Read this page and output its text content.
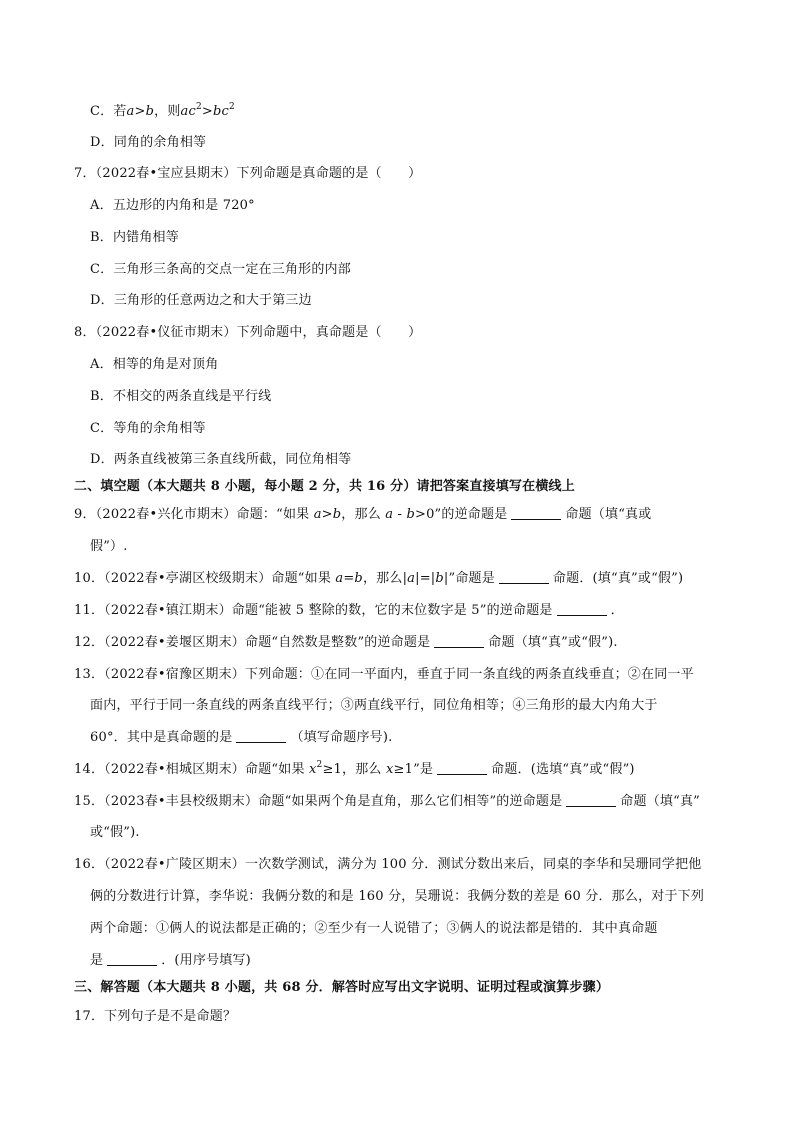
C．若a>b，则$ac^2>bc^2$
D．同角的余角相等
7．（2022春•宝应县期末）下列命题是真命题的是（　　）
A．五边形的内角和是 720°
B．内错角相等
C．三角形三条高的交点一定在三角形的内部
D．三角形的任意两边之和大于第三边
8．（2022春•仪征市期末）下列命题中，真命题是（　　）
A．相等的角是对顶角
B．不相交的两条直线是平行线
C．等角的余角相等
D．两条直线被第三条直线所截，同位角相等
二、填空题（本大题共 8 小题，每小题 2 分，共 16 分）请把答案直接填写在横线上
9．（2022春•兴化市期末）命题：“如果 a>b，那么 a - b>0”的逆命题是	命题（填“真或
假”）.
10．（2022春•亭湖区校级期末）命题“如果 a=b，那么|a|=|b|”命题是	命题．(填“真”或“假”)
11．（2022春•镇江期末）命题“能被 5 整除的数，它的末位数字是 5”的逆命题是	．
12．（2022春•姜堰区期末）命题“自然数是整数”的逆命题是	命题（填“真”或“假”).
13．（2022春•宿豫区期末）下列命题：①在同一平面内，垂直于同一条直线的两条直线垂直；②在同一平
面内，平行于同一条直线的两条直线平行；③两直线平行，同位角相等；④三角形的最大内角大于
60°．其中是真命题的是	（填写命题序号).
14．（2022春•相城区期末）命题“如果 $x^2\ge 1$，那么 x≥1”是	命题．(选填“真”或“假”)
15．（2023春•丰县校级期末）命题“如果两个角是直角，那么它们相等”的逆命题是	命题（填“真”
或“假”).
16．（2022春•广陵区期末）一次数学测试，满分为 100 分．测试分数出来后，同桌的李华和吴珊同学把他
俩的分数进行计算，李华说：我俩分数的和是 160 分，吴珊说：我俩分数的差是 60 分．那么，对于下列
两个命题：①俩人的说法都是正确的；②至少有一人说错了；③俩人的说法都是错的．其中真命题
是	．(用序号填写)
三、解答题（本大题共 8 小题，共 68 分．解答时应写出文字说明、证明过程或演算步骤）
17．下列句子是不是命题？
